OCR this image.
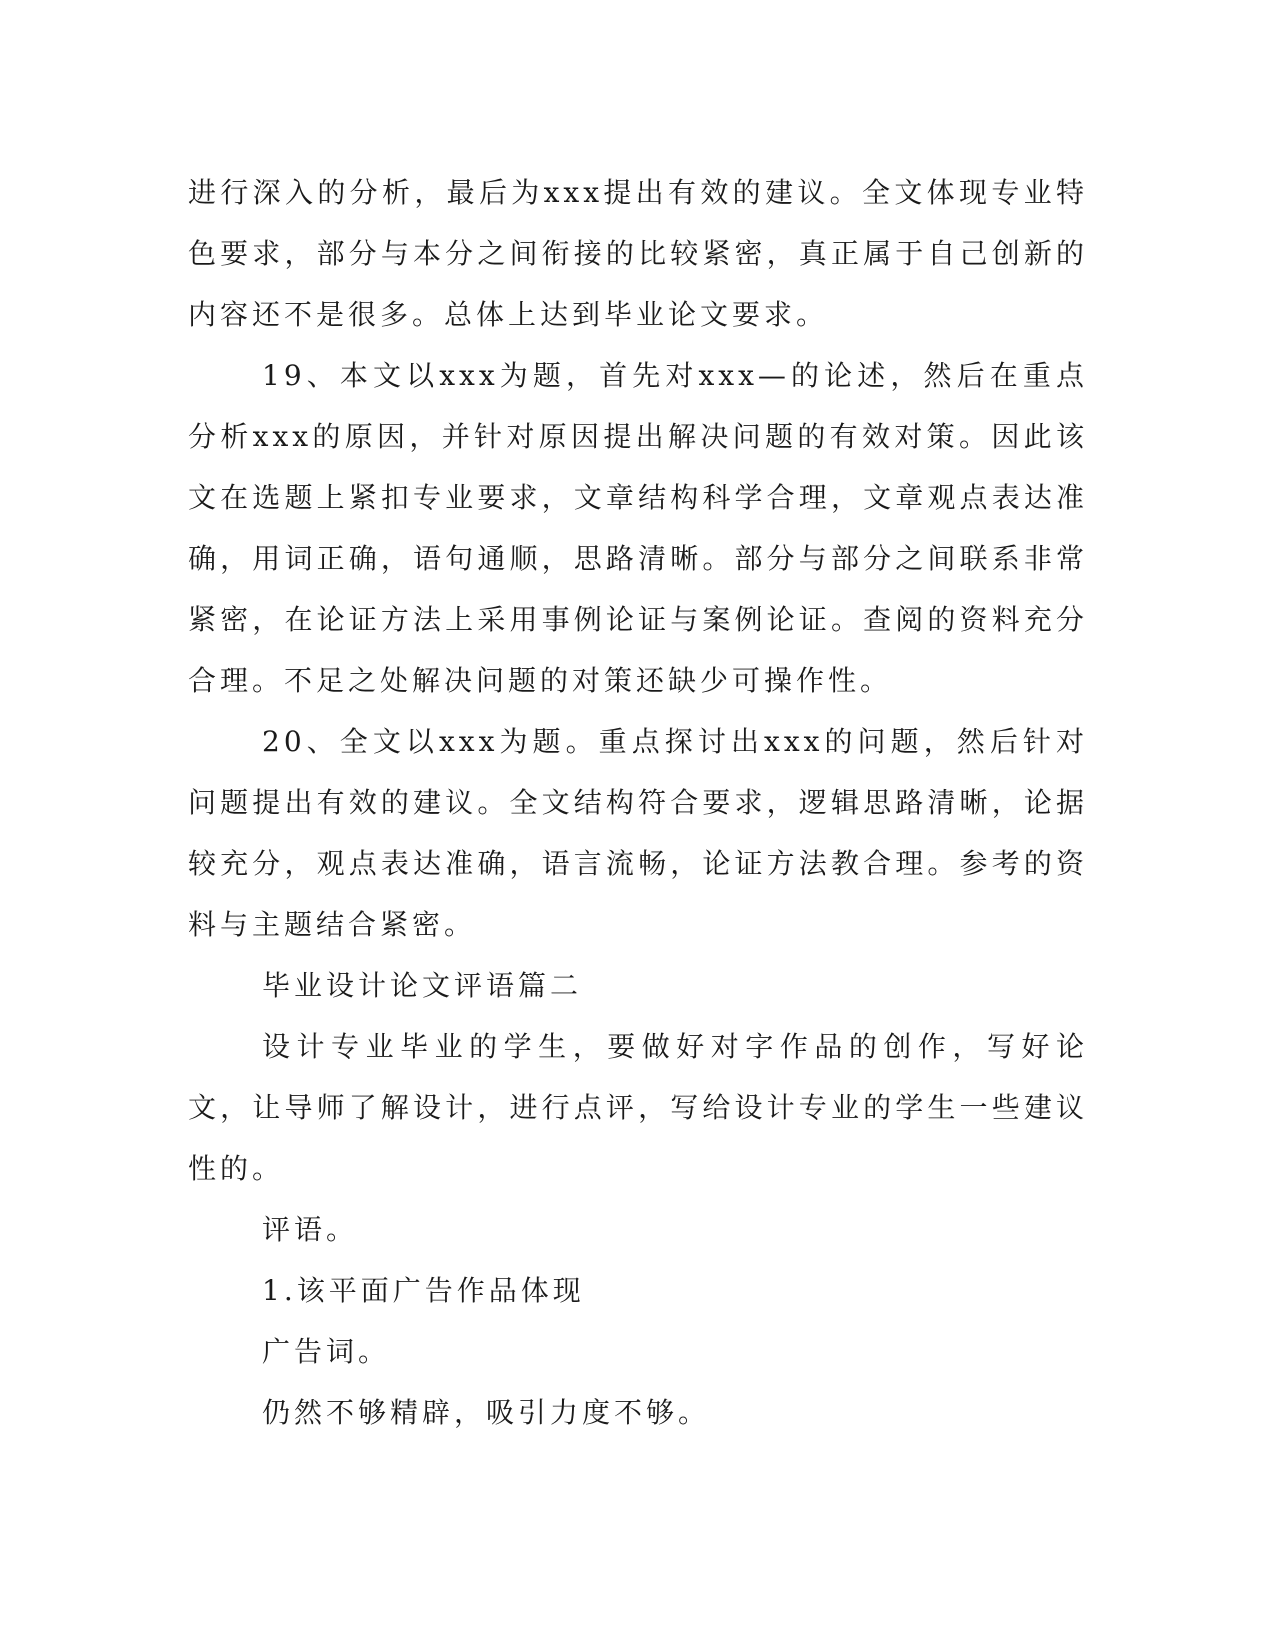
进行深入的分析，最后为xxx提出有效的建议。全文体现专业特色要求，部分与本分之间衔接的比较紧密，真正属于自己创新的内容还不是很多。总体上达到毕业论文要求。

19、本文以xxx为题，首先对xxx—的论述，然后在重点分析xxx的原因，并针对原因提出解决问题的有效对策。因此该文在选题上紧扣专业要求，文章结构科学合理，文章观点表达准确，用词正确，语句通顺，思路清晰。部分与部分之间联系非常紧密，在论证方法上采用事例论证与案例论证。查阅的资料充分合理。不足之处解决问题的对策还缺少可操作性。

20、全文以xxx为题。重点探讨出xxx的问题，然后针对问题提出有效的建议。全文结构符合要求，逻辑思路清晰，论据较充分，观点表达准确，语言流畅，论证方法教合理。参考的资料与主题结合紧密。

毕业设计论文评语篇二

设计专业毕业的学生，要做好对字作品的创作，写好论文，让导师了解设计，进行点评，写给设计专业的学生一些建议性的。

评语。

1.该平面广告作品体现

广告词。

仍然不够精辟，吸引力度不够。
